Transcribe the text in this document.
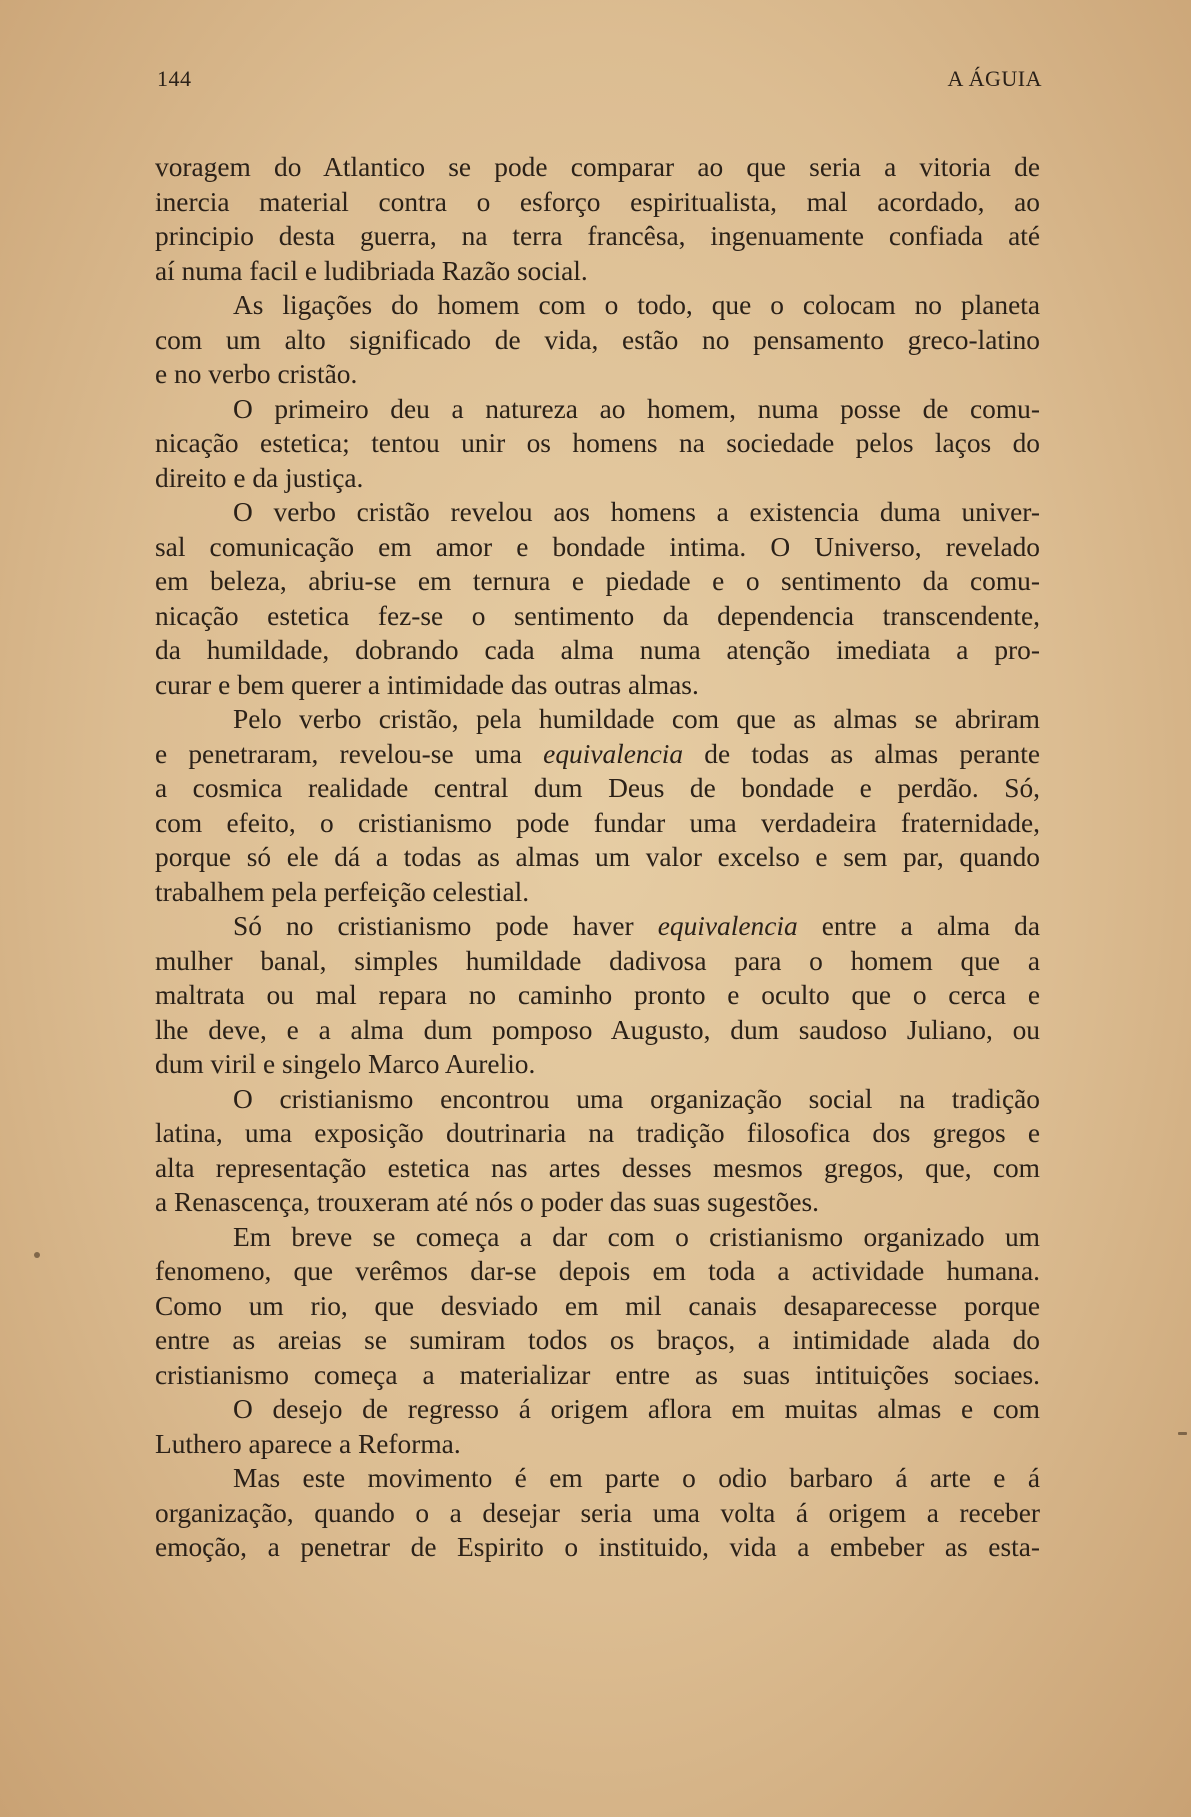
144	A ÁGUIA
voragem do Atlantico se pode comparar ao que seria a vitoria de
inercia material contra o esforço espiritualista, mal acordado, ao
principio desta guerra, na terra francêsa, ingenuamente confiada até
aí numa facil e ludibriada Razão social.
As ligações do homem com o todo, que o colocam no planeta
com um alto significado de vida, estão no pensamento greco-latino
e no verbo cristão.
O primeiro deu a natureza ao homem, numa posse de comu-
nicação estetica; tentou unir os homens na sociedade pelos laços do
direito e da justiça.
O verbo cristão revelou aos homens a existencia duma univer-
sal comunicação em amor e bondade intima. O Universo, revelado
em beleza, abriu-se em ternura e piedade e o sentimento da comu-
nicação estetica fez-se o sentimento da dependencia transcendente,
da humildade, dobrando cada alma numa atenção imediata a pro-
curar e bem querer a intimidade das outras almas.
Pelo verbo cristão, pela humildade com que as almas se abriram
e penetraram, revelou-se uma equivalencia de todas as almas perante
a cosmica realidade central dum Deus de bondade e perdão. Só,
com efeito, o cristianismo pode fundar uma verdadeira fraternidade,
porque só ele dá a todas as almas um valor excelso e sem par, quando
trabalhem pela perfeição celestial.
Só no cristianismo pode haver equivalencia entre a alma da
mulher banal, simples humildade dadivosa para o homem que a
maltrata ou mal repara no caminho pronto e oculto que o cerca e
lhe deve, e a alma dum pomposo Augusto, dum saudoso Juliano, ou
dum viril e singelo Marco Aurelio.
O cristianismo encontrou uma organização social na tradição
latina, uma exposição doutrinaria na tradição filosofica dos gregos e
alta representação estetica nas artes desses mesmos gregos, que, com
a Renascença, trouxeram até nós o poder das suas sugestões.
Em breve se começa a dar com o cristianismo organizado um
fenomeno, que verêmos dar-se depois em toda a actividade humana.
Como um rio, que desviado em mil canais desaparecesse porque
entre as areias se sumiram todos os braços, a intimidade alada do
cristianismo começa a materializar entre as suas intituições sociaes.
O desejo de regresso á origem aflora em muitas almas e com
Luthero aparece a Reforma.
Mas este movimento é em parte o odio barbaro á arte e á
organização, quando o a desejar seria uma volta á origem a receber
emoção, a penetrar de Espirito o instituido, vida a embeber as esta-
